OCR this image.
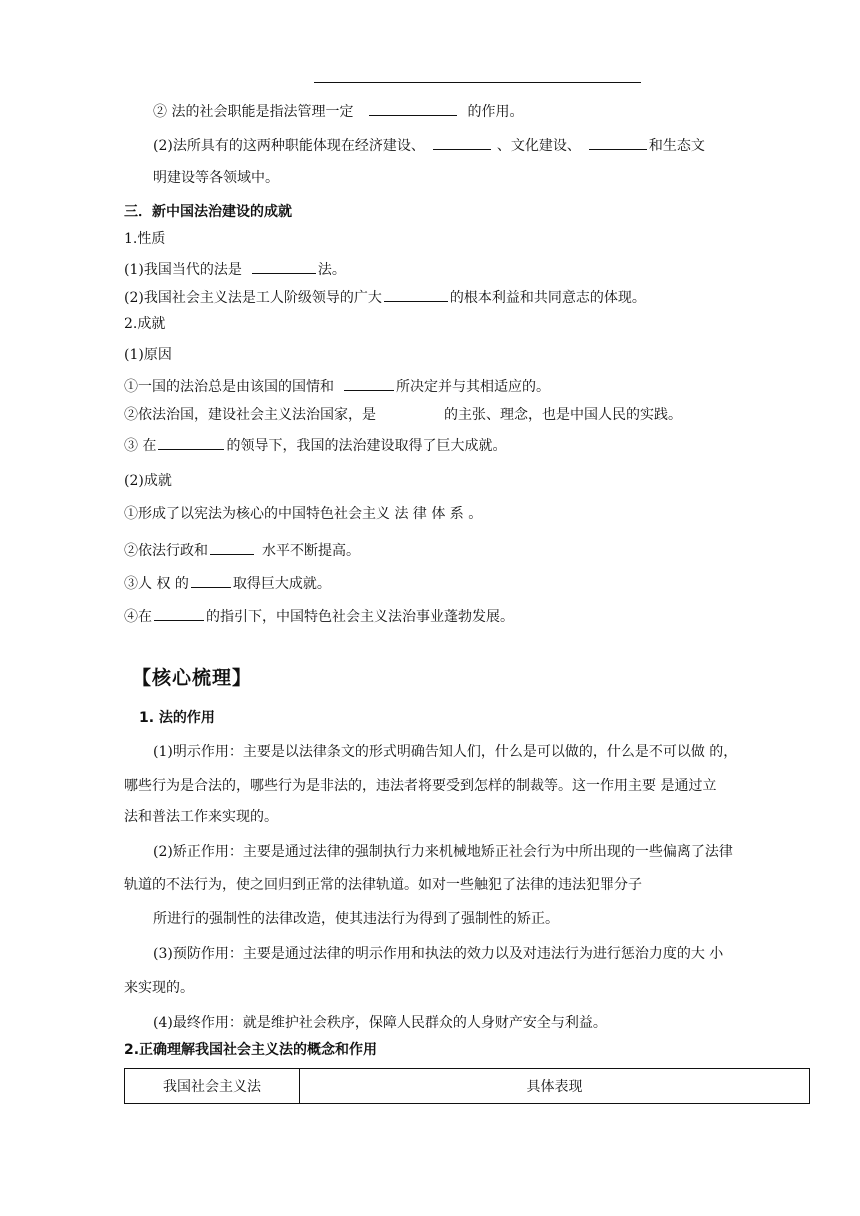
② 法的社会职能是指法管理一定	的作用。
(2)法所具有的这两种职能体现在经济建设、	、文化建设、	和生态文
明建设等各领域中。
三．新中国法治建设的成就
1.性质
(1)我国当代的法是	法。
(2)我国社会主义法是工人阶级领导的广大	的根本利益和共同意志的体现。
2.成就
(1)原因
①一国的法治总是由该国的国情和	所决定并与其相适应的。
②依法治国，建设社会主义法治国家，是	的主张、理念，也是中国人民的实践。
③ 在	的领导下，我国的法治建设取得了巨大成就。
(2)成就
①形成了以宪法为核心的中国特色社会主义 法 律 体 系 。
②依法行政和	水平不断提高。
③人 权 的	取得巨大成就。
④在	的指引下，中国特色社会主义法治事业蓬勃发展。
【核心梳理】
1. 法的作用
(1)明示作用：主要是以法律条文的形式明确告知人们，什么是可以做的，什么是不可以做 的，
哪些行为是合法的，哪些行为是非法的，违法者将要受到怎样的制裁等。这一作用主要 是通过立
法和普法工作来实现的。
(2)矫正作用：主要是通过法律的强制执行力来机械地矫正社会行为中所出现的一些偏离了法律
轨道的不法行为，使之回归到正常的法律轨道。如对一些触犯了法律的违法犯罪分子
所进行的强制性的法律改造，使其违法行为得到了强制性的矫正。
(3)预防作用：主要是通过法律的明示作用和执法的效力以及对违法行为进行惩治力度的大 小
来实现的。
(4)最终作用：就是维护社会秩序，保障人民群众的人身财产安全与利益。
2.正确理解我国社会主义法的概念和作用
我国社会主义法	具体表现
